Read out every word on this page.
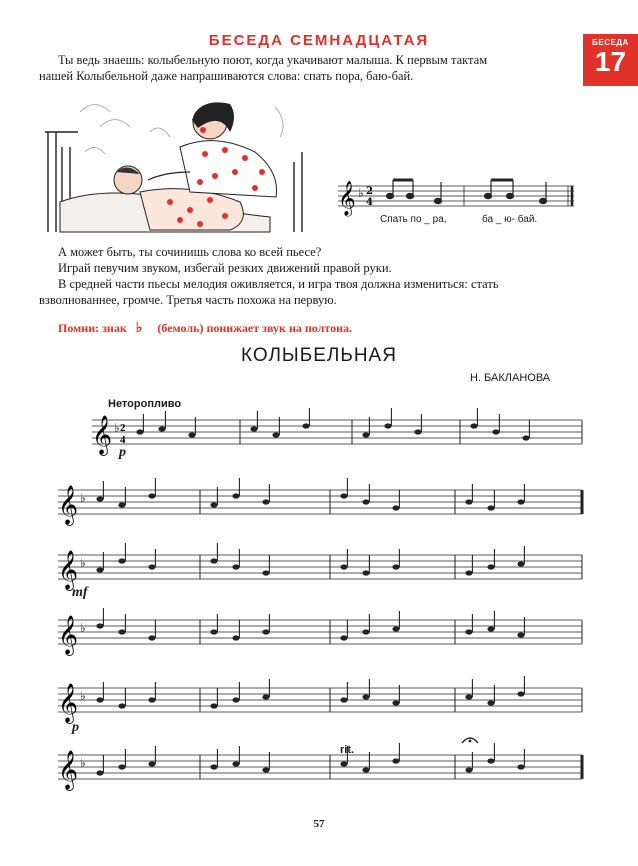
БЕСЕДА СЕМНАДЦАТАЯ	БЕСЕДА
17
Ты ведь знаешь: колыбельную поют, когда укачивают малыша. К первым тактам
нашей Колыбельной даже напрашиваются слова: спать пора, баю-бай.
𝄞 ♭ 2
4
Спать по _ ра,	ба _ ю- бай.
А может быть, ты сочинишь слова ко всей пьесе?
Играй певучим звуком, избегай резких движений правой руки.
В средней части пьесы мелодия оживляется, и игра твоя должна измениться: стать
взволнованнее, громче. Третья часть похожа на первую.
Помни: знак ♭ (бемоль) понижает звук на полтона.
КОЛЫБЕЛЬНАЯ
Н. БАКЛАНОВА
Неторопливо
𝄞 ♭ 2
4
𝄞 ♭
𝄞 ♭
𝄞 ♭
𝄞 ♭
𝄞 ♭
p
mf
p
rit.
57
